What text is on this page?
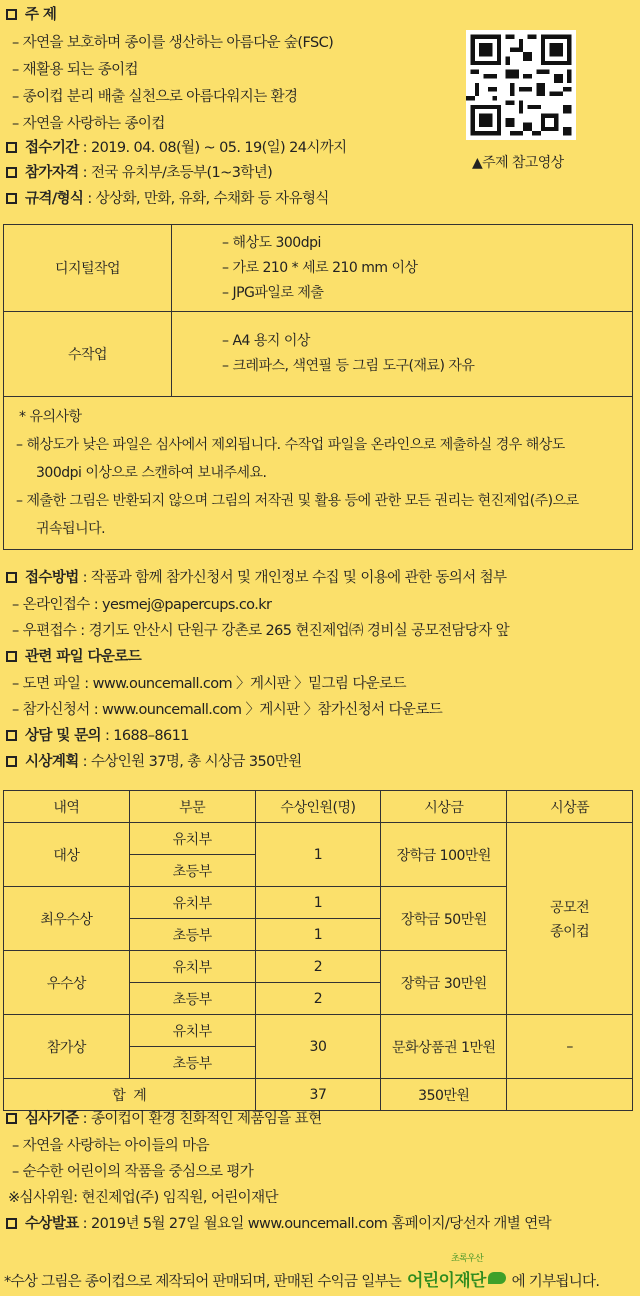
주 제
– 자연을 보호하며 종이를 생산하는 아름다운 숲(FSC)
– 재활용 되는 종이컵
– 종이컵 분리 배출 실천으로 아름다워지는 환경
– 자연을 사랑하는 종이컵
접수기간 : 2019. 04. 08(월) ~ 05. 19(일) 24시까지
참가자격 : 전국 유치부/초등부(1~3학년)
규격/형식 : 상상화, 만화, 유화, 수채화 등 자유형식
▲주제 참고영상
디지털작업	– 해상도 300dpi
– 가로 210 * 세로 210 mm 이상
– JPG파일로 제출

수작업	– A4 용지 이상
– 크레파스, 색연필 등 그림 도구(재료) 자유

* 유의사항
– 해상도가 낮은 파일은 심사에서 제외됩니다. 수작업 파일을 온라인으로 제출하실 경우 해상도
300dpi 이상으로 스캔하여 보내주세요.
– 제출한 그림은 반환되지 않으며 그림의 저작권 및 활용 등에 관한 모든 권리는 현진제업(주)으로
귀속됩니다.	
접수방법 : 작품과 함께 참가신청서 및 개인정보 수집 및 이용에 관한 동의서 첨부
– 온라인접수 : yesmej@papercups.co.kr
– 우편접수 : 경기도 안산시 단원구 강촌로 265 현진제업㈜ 경비실 공모전담당자 앞
관련 파일 다운로드
– 도면 파일 : www.ouncemall.com 〉게시판 〉밑그림 다운로드
– 참가신청서 : www.ouncemall.com 〉게시판 〉참가신청서 다운로드
상담 및 문의 : 1688–8611
시상계획 : 수상인원 37명, 총 시상금 350만원
내역	부문	수상인원(명)	시상금	시상품
대상	유치부	1	장학금 100만원	공모전
종이컵

	초등부			
최우수상	유치부	1	장학금 50만원	
	초등부	1		
우수상	유치부	2	장학금 30만원	
	초등부	2		
참가상	유치부	30	문화상품권 1만원	–
	초등부			
합  계		37	350만원	
심사기준 : 종이컵이 환경 친화적인 제품임을 표현
– 자연을 사랑하는 아이들의 마음
– 순수한 어린이의 작품을 중심으로 평가
※심사위원: 현진제업(주) 임직원, 어린이재단
수상발표 : 2019년 5월 27일 월요일 www.ouncemall.com 홈페이지/당선자 개별 연락
*수상 그림은 종이컵으로 제작되어 판매되며, 판매된 수익금 일부는
초록우산
어린이재단 에 기부됩니다.
